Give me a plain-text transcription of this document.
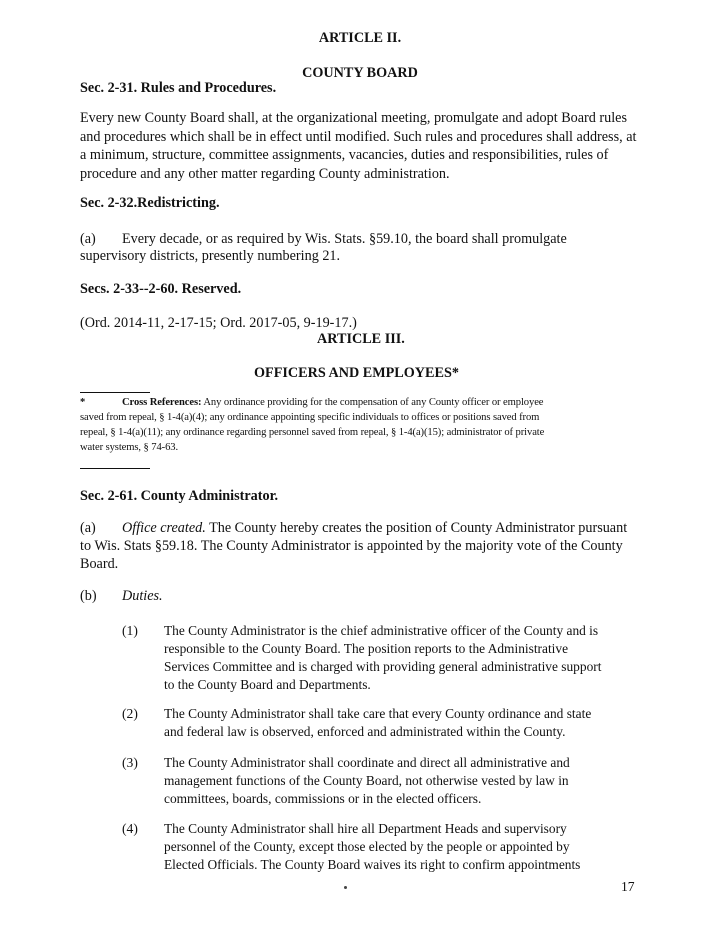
ARTICLE II.
COUNTY BOARD
Sec. 2-31. Rules and Procedures.
Every new County Board shall, at the organizational meeting, promulgate and adopt Board rules and procedures which shall be in effect until modified. Such rules and procedures shall address, at a minimum, structure, committee assignments, vacancies, duties and responsibilities, rules of procedure and any other matter regarding County administration.
Sec. 2-32.Redistricting.
(a) Every decade, or as required by Wis. Stats. §59.10, the board shall promulgate
supervisory districts, presently numbering 21.
Secs. 2-33--2-60. Reserved.
(Ord. 2014-11, 2-17-15; Ord. 2017-05, 9-19-17.)
ARTICLE III.
OFFICERS AND EMPLOYEES*
*	Cross References: Any ordinance providing for the compensation of any County officer or employee
saved from repeal, § 1-4(a)(4); any ordinance appointing specific individuals to offices or positions saved from
repeal, § 1-4(a)(11); any ordinance regarding personnel saved from repeal, § 1-4(a)(15); administrator of private
water systems, § 74-63.
Sec. 2-61. County Administrator.
(a) Office created. The County hereby creates the position of County Administrator pursuant
to Wis. Stats §59.18. The County Administrator is appointed by the majority vote of the County
Board.
(b) Duties.
(1) The County Administrator is the chief administrative officer of the County and is
responsible to the County Board. The position reports to the Administrative
Services Committee and is charged with providing general administrative support
to the County Board and Departments.
(2) The County Administrator shall take care that every County ordinance and state
and federal law is observed, enforced and administrated within the County.
(3) The County Administrator shall coordinate and direct all administrative and
management functions of the County Board, not otherwise vested by law in
committees, boards, commissions or in the elected officers.
(4) The County Administrator shall hire all Department Heads and supervisory
personnel of the County, except those elected by the people or appointed by
Elected Officials. The County Board waives its right to confirm appointments
17
